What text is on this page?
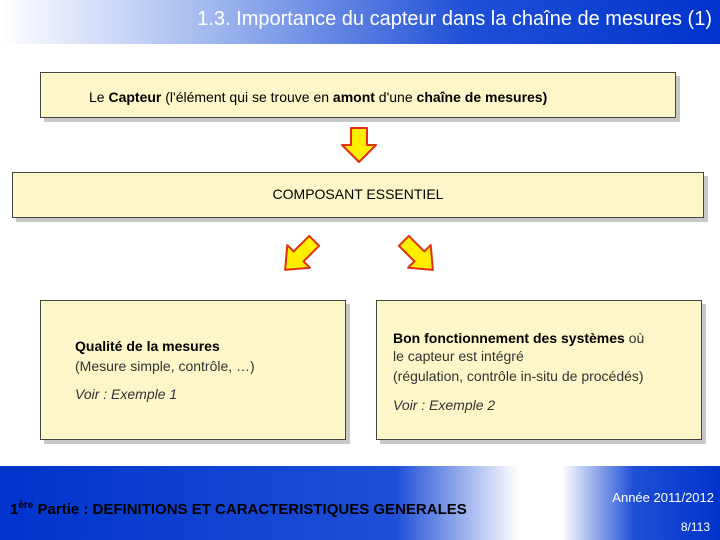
1.3. Importance du capteur dans la chaîne de mesures (1)
Le Capteur (l'élément qui se trouve en amont d'une chaîne de mesures)
COMPOSANT ESSENTIEL
Qualité de la mesures
(Mesure simple, contrôle, …)
Voir : Exemple 1
Bon fonctionnement des systèmes où
le capteur est intégré
(régulation, contrôle in-situ de procédés)
Voir : Exemple 2
1ère Partie : DEFINITIONS ET CARACTERISTIQUES GENERALES
Année 2011/2012
8/113
